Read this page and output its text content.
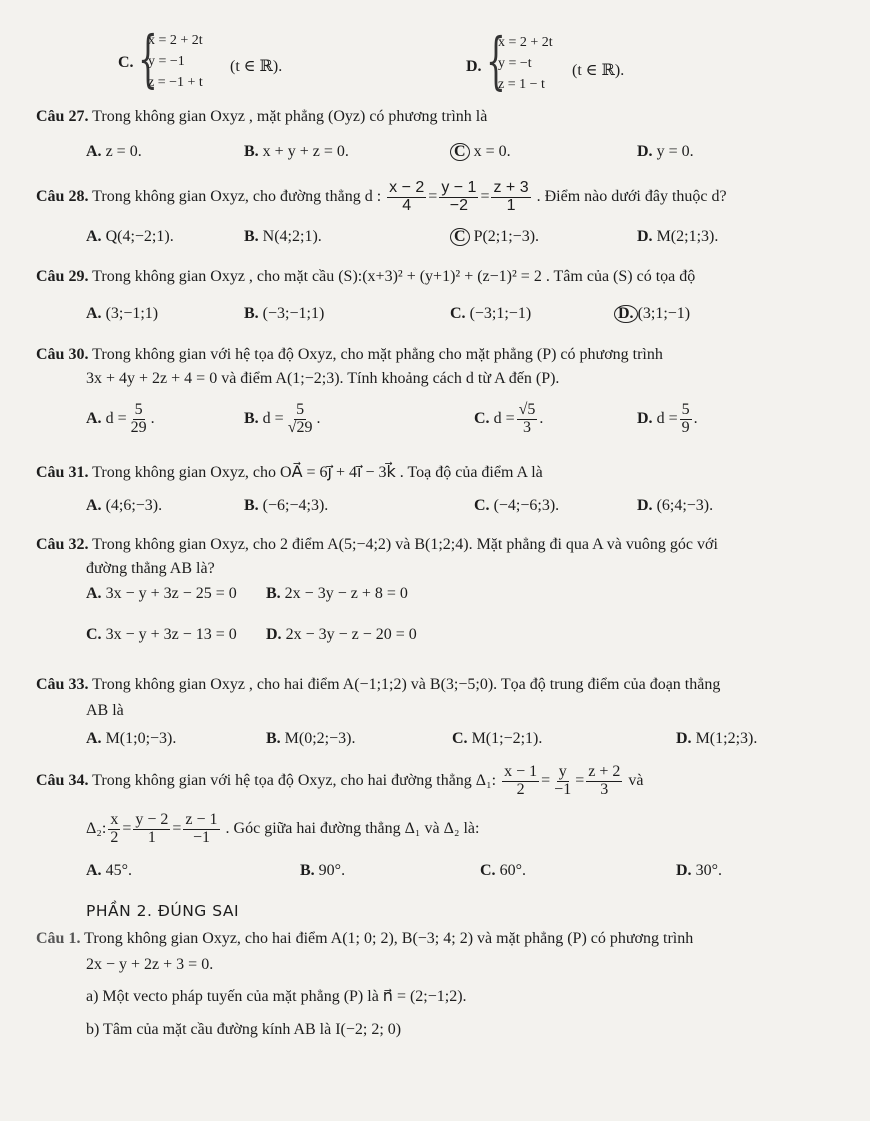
C. {
x = 2 + 2t
y = −1
z = −1 + t
(t ∈ ℝ).	D. {
x = 2 + 2t
y = −t
z = 1 − t
(t ∈ ℝ).
Câu 27. Trong không gian Oxyz , mặt phẳng (Oyz) có phương trình là
A. z = 0.	B. x + y + z = 0.	C x = 0.	D. y = 0.
Câu 28. Trong không gian Oxyz, cho đường thẳng d : $\frac{x - 2}{4} = \frac{y - 1}{-2} = \frac{z + 3}{1}$ . Điểm nào dưới đây thuộc d?
A. Q(4;−2;1).	B. N(4;2;1).	C P(2;1;−3).	D. M(2;1;3).
Câu 29. Trong không gian Oxyz , cho mặt cầu (S):(x+3)² + (y+1)² + (z−1)² = 2 . Tâm của (S) có tọa độ
A. (3;−1;1)	B. (−3;−1;1)	C. (−3;1;−1)	D. (3;1;−1)
Câu 30. Trong không gian với hệ tọa độ Oxyz, cho mặt phẳng cho mặt phẳng (P) có phương trình
3x + 4y + 2z + 4 = 0 và điểm A(1;−2;3). Tính khoảng cách d từ A đến (P).
A. $d = \frac{5}{29}$ .	B. $d = \frac{5}{√29}$ .	C. $d = \frac{√5}{3}$ .	D. $d = \frac{5}{9}$ .
Câu 31. Trong không gian Oxyz, cho OA⃗ = 6j⃗ + 4i⃗ − 3k⃗ . Toạ độ của điểm A là
A. (4;6;−3).	B. (−6;−4;3).	C. (−4;−6;3).	D. (6;4;−3).
Câu 32. Trong không gian Oxyz, cho 2 điểm A(5;−4;2) và B(1;2;4). Mặt phẳng đi qua A và vuông góc với
đường thẳng AB là?
A. 3x − y + 3z − 25 = 0 B. 2x − 3y − z + 8 = 0
C. 3x − y + 3z − 13 = 0 D. 2x − 3y − z − 20 = 0
Câu 33. Trong không gian Oxyz , cho hai điểm A(−1;1;2) và B(3;−5;0). Tọa độ trung điểm của đoạn thẳng
AB là
A. M(1;0;−3).	B. M(0;2;−3).	C. M(1;−2;1).	D. M(1;2;3).
Câu 34. Trong không gian với hệ tọa độ Oxyz, cho hai đường thẳng Δ₁: $\frac{x - 1}{2} = \frac{y}{-1} = \frac{z + 2}{3}$ và
Δ₂: $\frac{x}{2} = \frac{y - 2}{1} = \frac{z - 1}{-1}$ . Góc giữa hai đường thẳng Δ₁ và Δ₂ là:
A. 45°.	B. 90°.	C. 60°.	D. 30°.
PHẦN 2. ĐÚNG SAI
Câu 1. Trong không gian Oxyz, cho hai điểm A(1; 0; 2), B(−3; 4; 2) và mặt phẳng (P) có phương trình
2x − y + 2z + 3 = 0.
a) Một vecto pháp tuyến của mặt phẳng (P) là n⃗ = (2;−1;2).
b) Tâm của mặt cầu đường kính AB là I(−2; 2; 0)
